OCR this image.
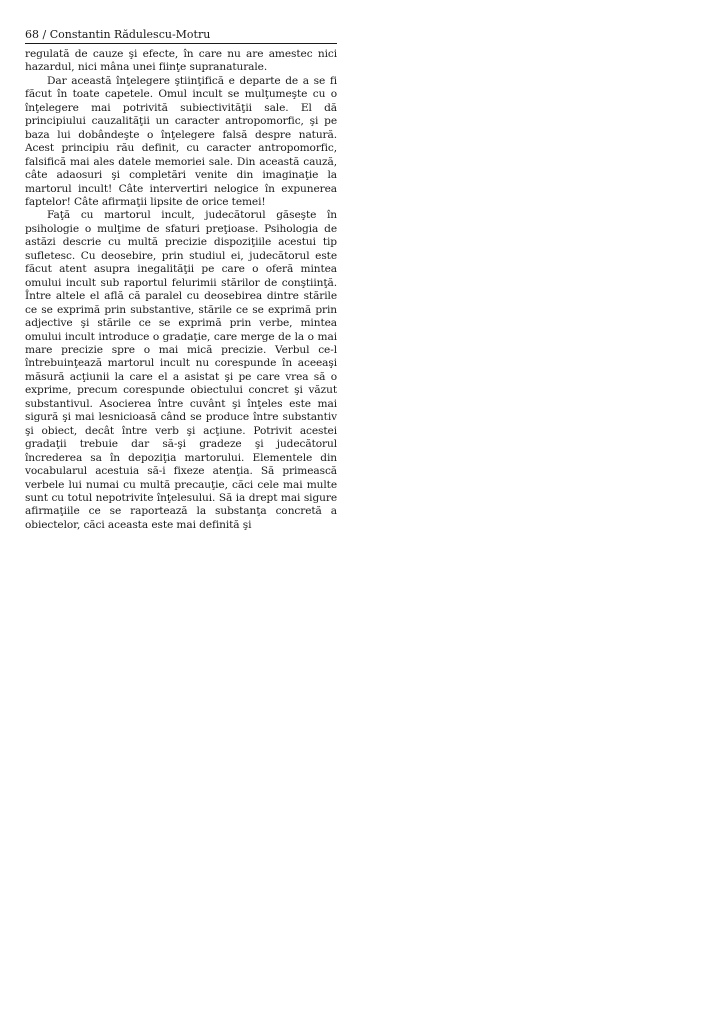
68 / Constantin Rădulescu-Motru

regulată de cauze şi efecte, în care nu are amestec nici hazardul, nici mâna unei fiinţe supranaturale.

Dar această înţelegere ştiinţifică e departe de a se fi făcut în toate capetele. Omul incult se mulţumeşte cu o înţelegere mai potrivită subiectivităţii sale. El dă principiului cauzalităţii un caracter antropomorfic, şi pe baza lui dobândeşte o înţelegere falsă despre natură. Acest principiu rău definit, cu caracter antropomorfic, falsifică mai ales datele memoriei sale. Din această cauză, câte adaosuri şi completări venite din imaginaţie la martorul incult! Câte intervertiri nelogice în expunerea faptelor! Câte afirmaţii lipsite de orice temei!

Faţă cu martorul incult, judecătorul găseşte în psihologie o mulţime de sfaturi preţioase. Psihologia de astăzi descrie cu multă precizie dispoziţiile acestui tip sufletesc. Cu deosebire, prin studiul ei, judecătorul este făcut atent asupra inegalităţii pe care o oferă mintea omului incult sub raportul felurimii stărilor de conştiinţă. Între altele el află că paralel cu deosebirea dintre stările ce se exprimă prin substantive, stările ce se exprimă prin adjective şi stările ce se exprimă prin verbe, mintea omului incult introduce o gradaţie, care merge de la o mai mare precizie spre o mai mică precizie. Verbul ce-l întrebuinţează martorul incult nu corespunde în aceeaşi măsură acţiunii la care el a asistat şi pe care vrea să o exprime, precum corespunde obiectului concret şi văzut substantivul. Asocierea între cuvânt şi înţeles este mai sigură şi mai lesnicioasă când se produce între substantiv şi obiect, decât între verb şi acţiune. Potrivit acestei gradaţii trebuie dar să-şi gradeze şi judecătorul încrederea sa în depoziţia martorului. Elementele din vocabularul acestuia să-i fixeze atenţia. Să primească verbele lui numai cu multă precauţie, căci cele mai multe sunt cu totul nepotrivite înţelesului. Să ia drept mai sigure afirmaţiile ce se raportează la substanţa concretă a obiectelor, căci aceasta este mai definită şi
